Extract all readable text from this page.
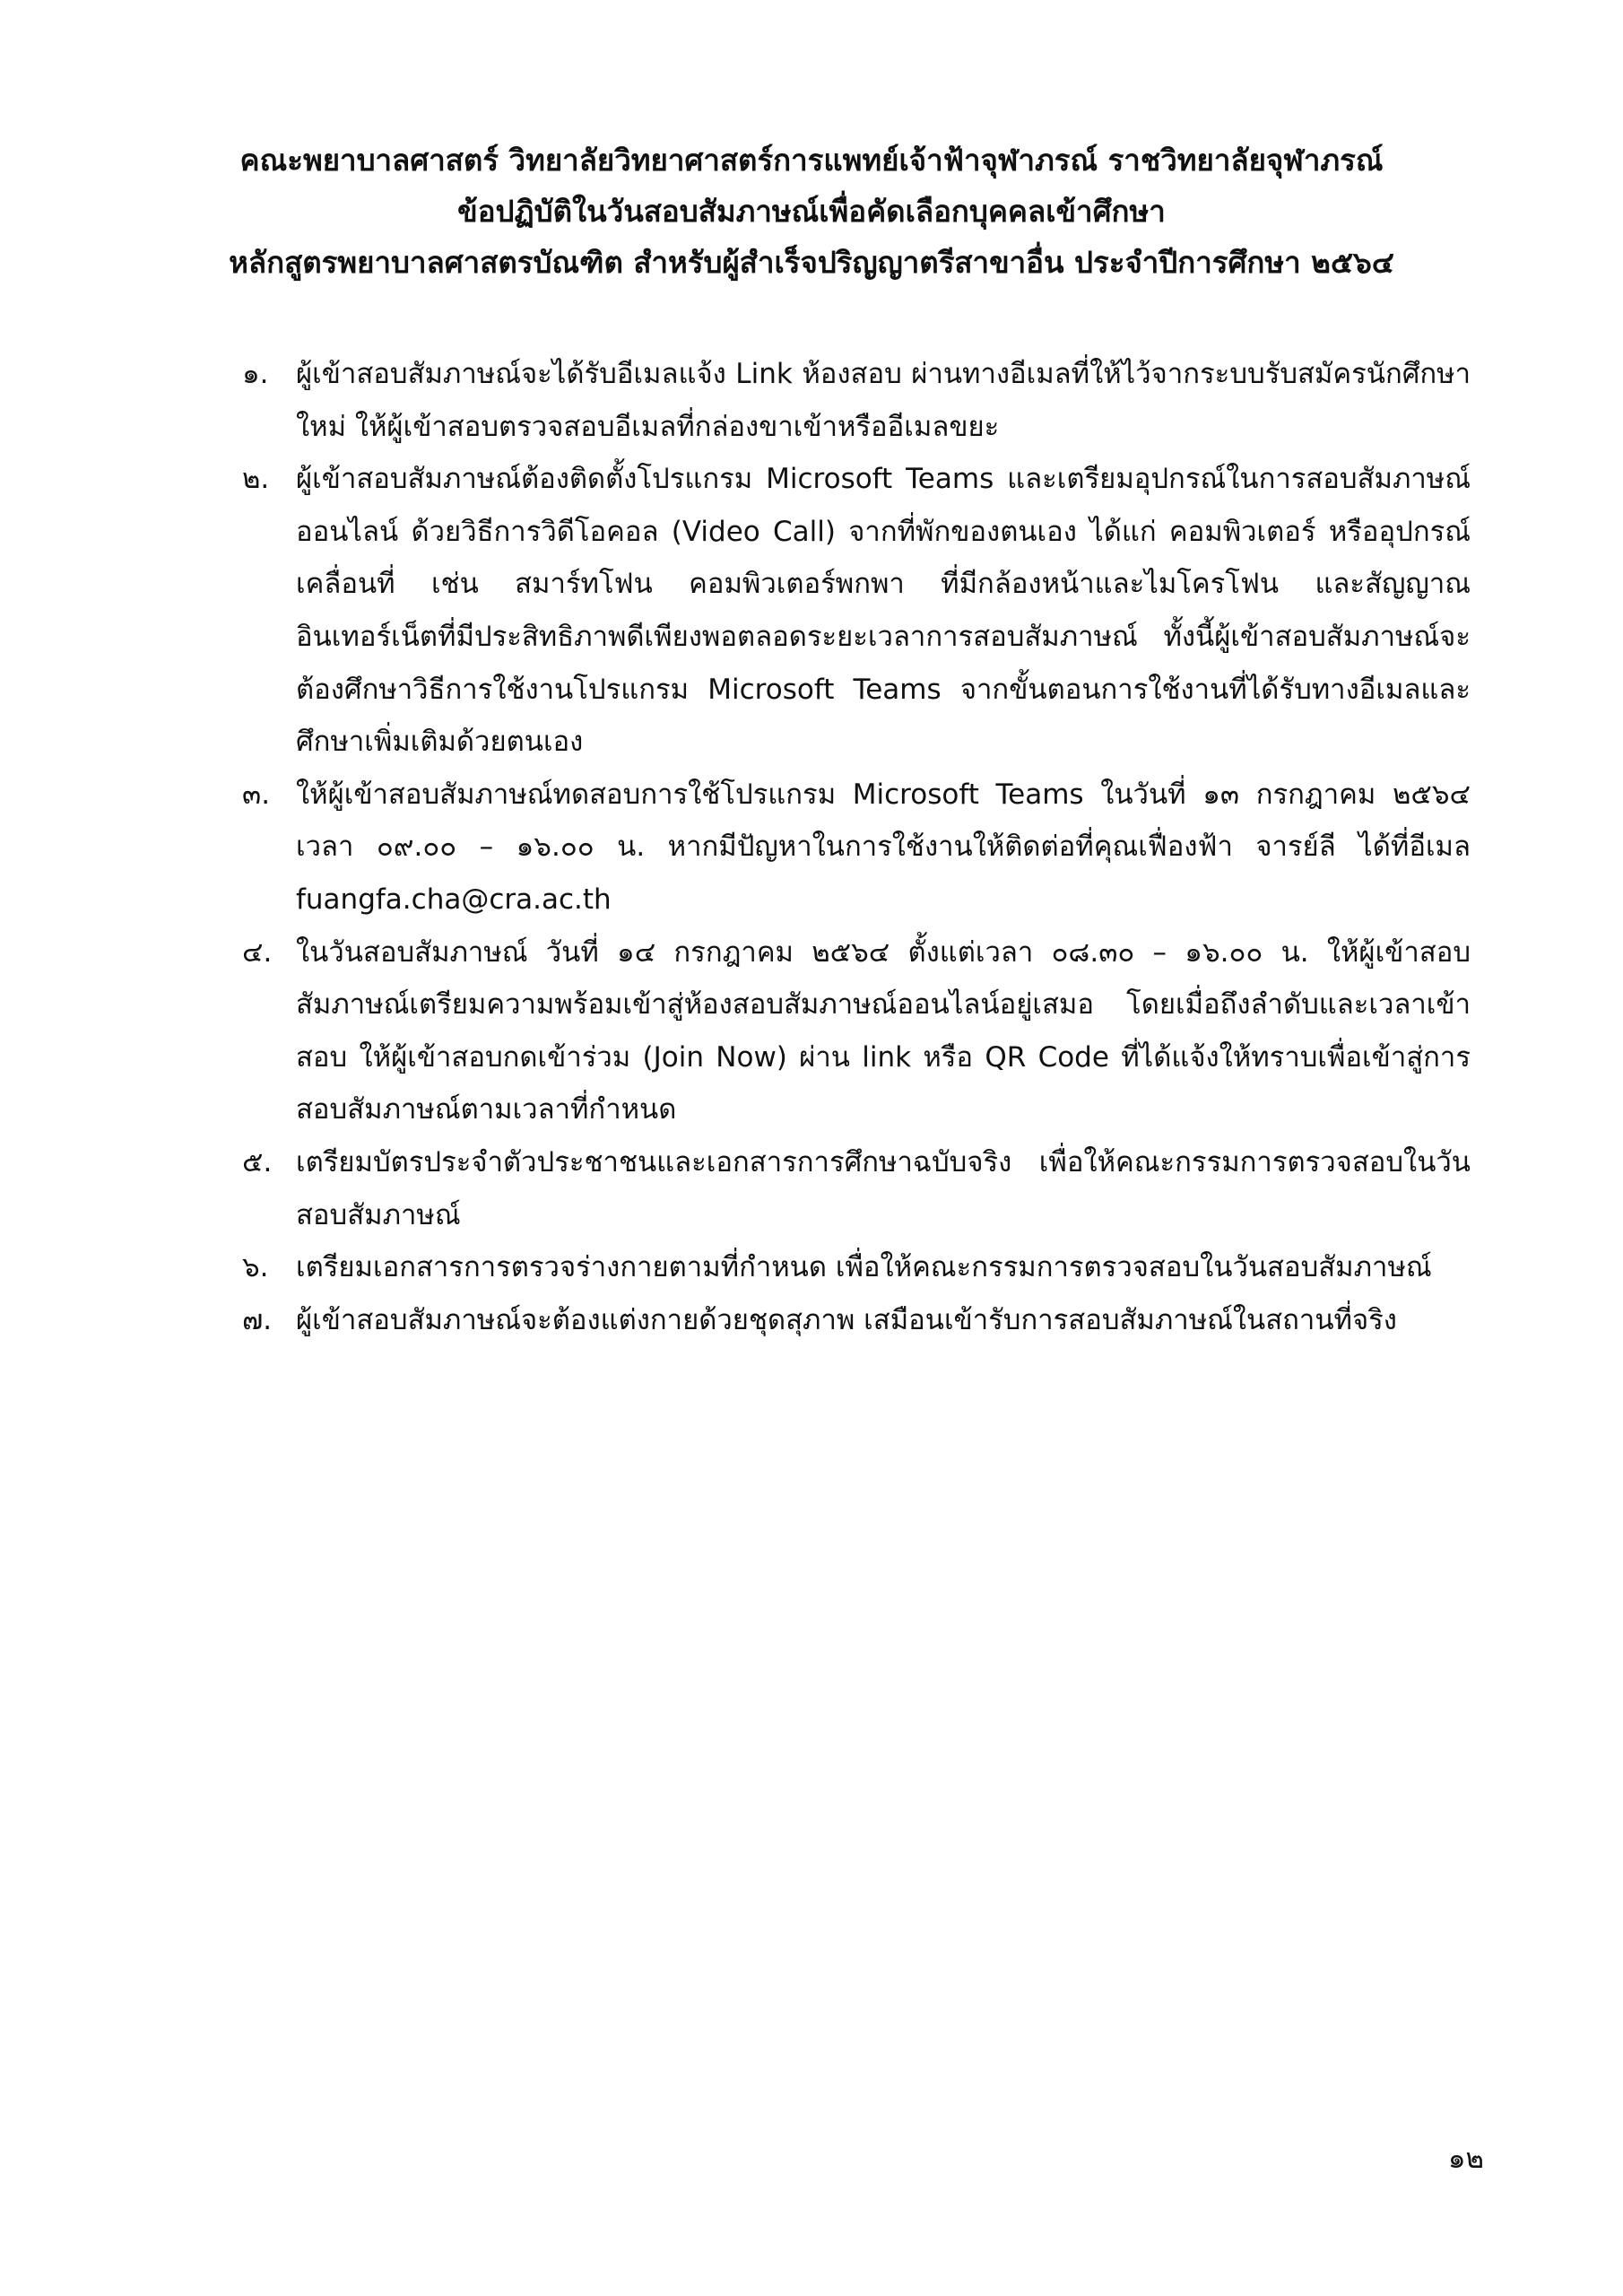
คณะพยาบาลศาสตร์ วิทยาลัยวิทยาศาสตร์การแพทย์เจ้าฟ้าจุฬาภรณ์ ราชวิทยาลัยจุฬาภรณ์
ข้อปฏิบัติในวันสอบสัมภาษณ์เพื่อคัดเลือกบุคคลเข้าศึกษา
หลักสูตรพยาบาลศาสตรบัณฑิต สำหรับผู้สำเร็จปริญญาตรีสาขาอื่น ประจำปีการศึกษา ๒๕๖๔
๑. ผู้เข้าสอบสัมภาษณ์จะได้รับอีเมลแจ้ง Link ห้องสอบ ผ่านทางอีเมลที่ให้ไว้จากระบบรับสมัครนักศึกษาใหม่ ให้ผู้เข้าสอบตรวจสอบอีเมลที่กล่องขาเข้าหรืออีเมลขยะ
๒. ผู้เข้าสอบสัมภาษณ์ต้องติดตั้งโปรแกรม Microsoft Teams และเตรียมอุปกรณ์ในการสอบสัมภาษณ์ออนไลน์ ด้วยวิธีการวิดีโอคอล (Video Call) จากที่พักของตนเอง ได้แก่ คอมพิวเตอร์ หรืออุปกรณ์เคลื่อนที่ เช่น สมาร์ทโฟน คอมพิวเตอร์พกพา ที่มีกล้องหน้าและไมโครโฟน และสัญญาณอินเทอร์เน็ตที่มีประสิทธิภาพดีเพียงพอตลอดระยะเวลาการสอบสัมภาษณ์ ทั้งนี้ผู้เข้าสอบสัมภาษณ์จะต้องศึกษาวิธีการใช้งานโปรแกรม Microsoft Teams จากขั้นตอนการใช้งานที่ได้รับทางอีเมลและศึกษาเพิ่มเติมด้วยตนเอง
๓. ให้ผู้เข้าสอบสัมภาษณ์ทดสอบการใช้โปรแกรม Microsoft Teams ในวันที่ ๑๓ กรกฎาคม ๒๕๖๔ เวลา ๐๙.๐๐ – ๑๖.๐๐ น. หากมีปัญหาในการใช้งานให้ติดต่อที่คุณเฟื่องฟ้า จารย์ลี ได้ที่อีเมล fuangfa.cha@cra.ac.th
๔. ในวันสอบสัมภาษณ์ วันที่ ๑๔ กรกฎาคม ๒๕๖๔ ตั้งแต่เวลา ๐๘.๓๐ – ๑๖.๐๐ น. ให้ผู้เข้าสอบสัมภาษณ์เตรียมความพร้อมเข้าสู่ห้องสอบสัมภาษณ์ออนไลน์อยู่เสมอ โดยเมื่อถึงลำดับและเวลาเข้าสอบ ให้ผู้เข้าสอบกดเข้าร่วม (Join Now) ผ่าน link หรือ QR Code ที่ได้แจ้งให้ทราบเพื่อเข้าสู่การสอบสัมภาษณ์ตามเวลาที่กำหนด
๕. เตรียมบัตรประจำตัวประชาชนและเอกสารการศึกษาฉบับจริง เพื่อให้คณะกรรมการตรวจสอบในวันสอบสัมภาษณ์
๖. เตรียมเอกสารการตรวจร่างกายตามที่กำหนด เพื่อให้คณะกรรมการตรวจสอบในวันสอบสัมภาษณ์
๗. ผู้เข้าสอบสัมภาษณ์จะต้องแต่งกายด้วยชุดสุภาพ เสมือนเข้ารับการสอบสัมภาษณ์ในสถานที่จริง
๑๒
